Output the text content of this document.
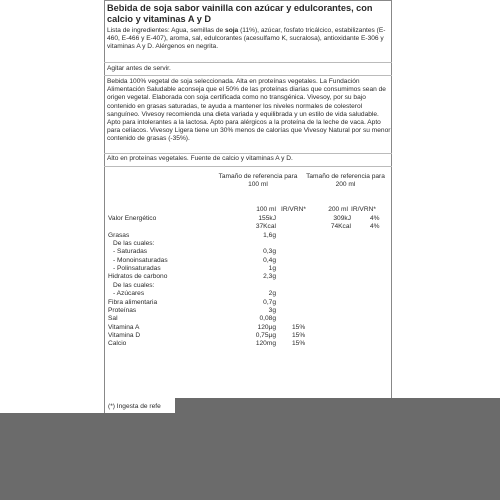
Bebida de soja sabor vainilla con azúcar y edulcorantes, con calcio y vitaminas A y D
Lista de ingredientes: Agua, semillas de soja (11%), azúcar, fosfato tricálcico, estabilizantes (E-460, E-466 y E-407), aroma, sal, edulcorantes (acesulfamo K, sucralosa), antioxidante E-306 y vitaminas A y D. Alérgenos en negrita.
Agitar antes de servir.
Bebida 100% vegetal de soja seleccionada. Alta en proteínas vegetales. La Fundación Alimentación Saludable aconseja que el 50% de las proteínas diarias que consumimos sean de origen vegetal. Elaborada con soja certificada como no transgénica. Vivesoy, por su bajo contenido en grasas saturadas, te ayuda a mantener los niveles normales de colesterol sanguíneo. Vivesoy recomienda una dieta variada y equilibrada y un estilo de vida saludable. Apto para intolerantes a la lactosa. Apto para alérgicos a la proteína de la leche de vaca. Apto para celíacos. Vivesoy Ligera tiene un 30% menos de calorías que Vivesoy Natural por su menor contenido de grasas (-35%).
Alto en proteínas vegetales. Fuente de calcio y vitaminas A y D.
Tamaño de referencia para 100 ml
Tamaño de referencia para 200 ml
100 ml IR/VRN*	200 ml IR/VRN*
Valor Energético	155kJ	309kJ	4%
37Kcal	74Kcal	4%
Grasas	1,6g
De las cuales:
- Saturadas	0,3g
- Monoinsaturadas	0,4g
- Polinsaturadas	1g
Hidratos de carbono	2,3g
De las cuales:
- Azúcares	2g
Fibra alimentaria	0,7g
Proteínas	3g
Sal	0,08g
Vitamina A	120µg 15%
Vitamina D	0,75µg 15%
Calcio	120mg 15%
(*) Ingesta de refe
